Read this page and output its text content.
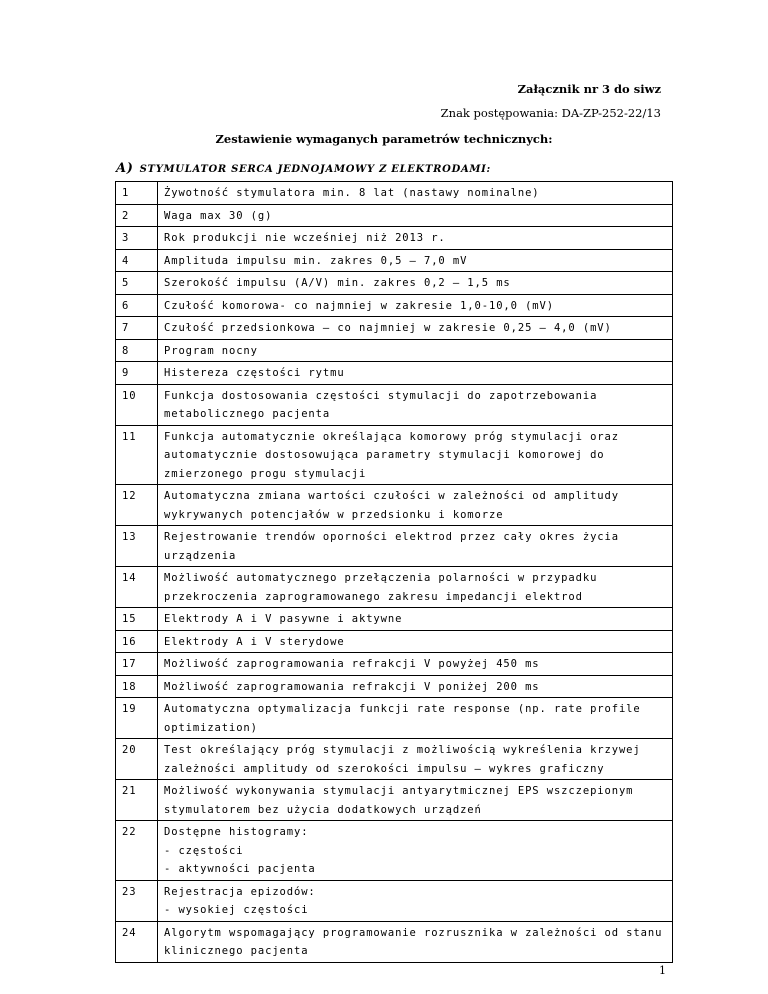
Załącznik nr 3 do siwz
Znak postępowania: DA-ZP-252-22/13
Zestawienie wymaganych parametrów technicznych:
A) STYMULATOR SERCA JEDNOJAMOWY Z ELEKTRODAMI:
1	Żywotność stymulatora min. 8 lat (nastawy nominalne)
2	Waga max 30 (g)
3	Rok produkcji nie wcześniej niż 2013 r.
4	Amplituda impulsu min. zakres 0,5 – 7,0 mV
5	Szerokość impulsu (A/V) min. zakres 0,2 – 1,5 ms
6	Czułość komorowa- co najmniej w zakresie 1,0-10,0 (mV)
7	Czułość przedsionkowa – co najmniej w zakresie 0,25 – 4,0 (mV)
8	Program nocny
9	Histereza częstości rytmu
10	Funkcja dostosowania częstości stymulacji do zapotrzebowania metabolicznego pacjenta
11	Funkcja automatycznie określająca komorowy próg stymulacji oraz automatycznie dostosowująca parametry stymulacji komorowej do zmierzonego progu stymulacji
12	Automatyczna zmiana wartości czułości w zależności od amplitudy wykrywanych potencjałów w przedsionku i komorze
13	Rejestrowanie trendów oporności elektrod przez cały okres życia urządzenia
14	Możliwość automatycznego przełączenia polarności w przypadku przekroczenia zaprogramowanego zakresu impedancji elektrod
15	Elektrody A i V pasywne i aktywne
16	Elektrody A i V sterydowe
17	Możliwość zaprogramowania refrakcji V powyżej 450 ms
18	Możliwość zaprogramowania refrakcji V poniżej 200 ms
19	Automatyczna optymalizacja funkcji rate response (np. rate profile optimization)
20	Test określający próg stymulacji z możliwością wykreślenia krzywej zależności amplitudy od szerokości impulsu – wykres graficzny
21	Możliwość wykonywania stymulacji antyarytmicznej EPS wszczepionym stymulatorem bez użycia dodatkowych urządzeń
22	Dostępne histogramy:
- częstości
- aktywności pacjenta
23	Rejestracja epizodów:
- wysokiej częstości
24	Algorytm wspomagający programowanie rozrusznika w zależności od stanu klinicznego pacjenta
1
